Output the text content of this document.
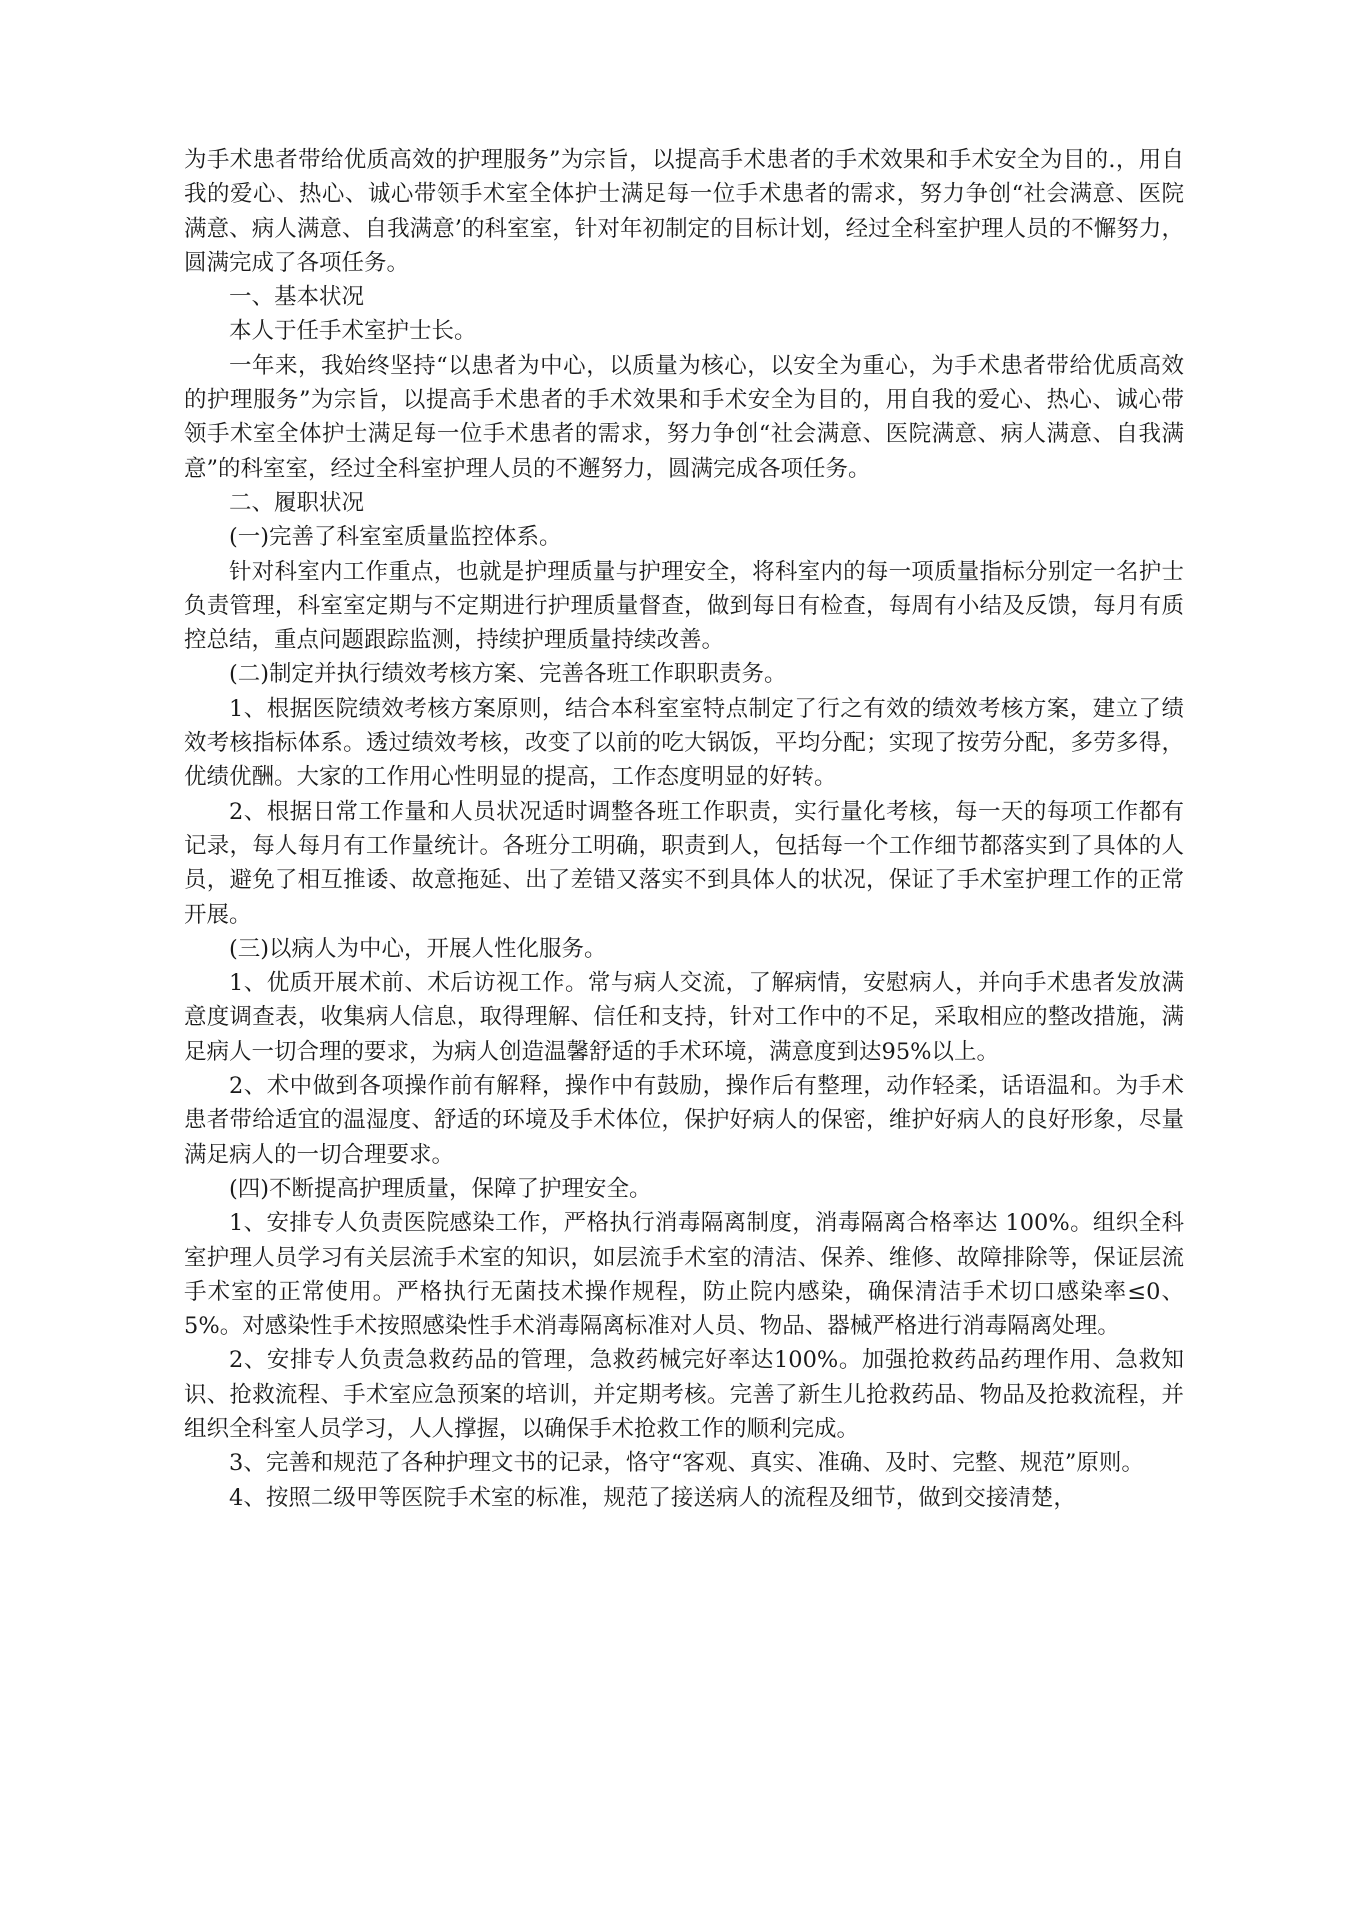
为手术患者带给优质高效的护理服务”为宗旨，以提高手术患者的手术效果和手术安全为目的.，用自我的爱心、热心、诚心带领手术室全体护士满足每一位手术患者的需求，努力争创“社会满意、医院满意、病人满意、自我满意’的科室室，针对年初制定的目标计划，经过全科室护理人员的不懈努力，圆满完成了各项任务。

一、基本状况

本人于任手术室护士长。

一年来，我始终坚持“以患者为中心，以质量为核心，以安全为重心，为手术患者带给优质高效的护理服务”为宗旨，以提高手术患者的手术效果和手术安全为目的，用自我的爱心、热心、诚心带领手术室全体护士满足每一位手术患者的需求，努力争创“社会满意、医院满意、病人满意、自我满意”的科室室，经过全科室护理人员的不邂努力，圆满完成各项任务。

二、履职状况

(一)完善了科室室质量监控体系。

针对科室内工作重点，也就是护理质量与护理安全，将科室内的每一项质量指标分别定一名护士负责管理，科室室定期与不定期进行护理质量督查，做到每日有检查，每周有小结及反馈，每月有质控总结，重点问题跟踪监测，持续护理质量持续改善。

(二)制定并执行绩效考核方案、完善各班工作职职责务。

1、根据医院绩效考核方案原则，结合本科室室特点制定了行之有效的绩效考核方案，建立了绩效考核指标体系。透过绩效考核，改变了以前的吃大锅饭，平均分配；实现了按劳分配，多劳多得，优绩优酬。大家的工作用心性明显的提高，工作态度明显的好转。

2、根据日常工作量和人员状况适时调整各班工作职责，实行量化考核，每一天的每项工作都有记录，每人每月有工作量统计。各班分工明确，职责到人，包括每一个工作细节都落实到了具体的人员，避免了相互推诿、故意拖延、出了差错又落实不到具体人的状况，保证了手术室护理工作的正常开展。

(三)以病人为中心，开展人性化服务。

1、优质开展术前、术后访视工作。常与病人交流，了解病情，安慰病人，并向手术患者发放满意度调查表，收集病人信息，取得理解、信任和支持，针对工作中的不足，采取相应的整改措施，满足病人一切合理的要求，为病人创造温馨舒适的手术环境，满意度到达95%以上。

2、术中做到各项操作前有解释，操作中有鼓励，操作后有整理，动作轻柔，话语温和。为手术患者带给适宜的温湿度、舒适的环境及手术体位，保护好病人的保密，维护好病人的良好形象，尽量满足病人的一切合理要求。

(四)不断提高护理质量，保障了护理安全。

1、安排专人负责医院感染工作，严格执行消毒隔离制度，消毒隔离合格率达 100%。组织全科室护理人员学习有关层流手术室的知识，如层流手术室的清洁、保养、维修、故障排除等，保证层流手术室的正常使用。严格执行无菌技术操作规程，防止院内感染，确保清洁手术切口感染率≤0、5%。对感染性手术按照感染性手术消毒隔离标准对人员、物品、器械严格进行消毒隔离处理。

2、安排专人负责急救药品的管理，急救药械完好率达100%。加强抢救药品药理作用、急救知识、抢救流程、手术室应急预案的培训，并定期考核。完善了新生儿抢救药品、物品及抢救流程，并组织全科室人员学习，人人撑握，以确保手术抢救工作的顺利完成。

3、完善和规范了各种护理文书的记录，恪守“客观、真实、准确、及时、完整、规范”原则。

4、按照二级甲等医院手术室的标准，规范了接送病人的流程及细节，做到交接清楚，
